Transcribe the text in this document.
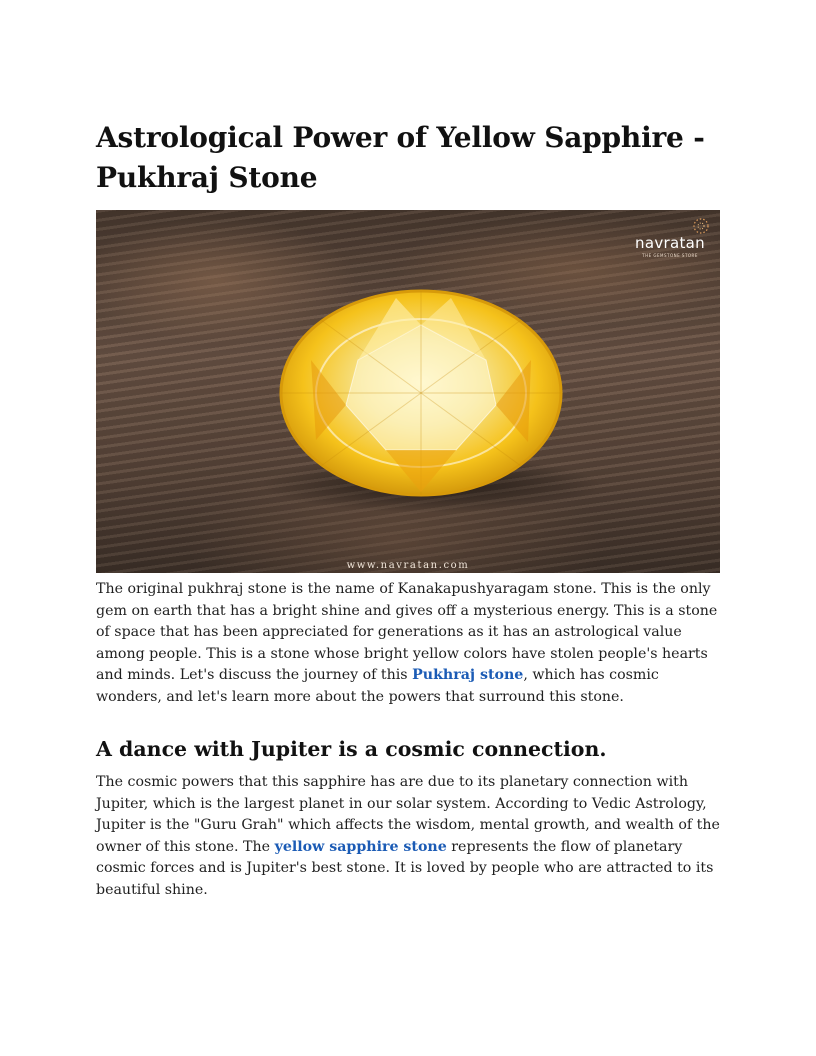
Astrological Power of Yellow Sapphire - Pukhraj Stone
navratan
THE GEMSTONE STORE
www.navratan.com

The original pukhraj stone is the name of Kanakapushyaragam stone. This is the only gem on earth that has a bright shine and gives off a mysterious energy. This is a stone of space that has been appreciated for generations as it has an astrological value among people. This is a stone whose bright yellow colors have stolen people's hearts and minds. Let's discuss the journey of this Pukhraj stone, which has cosmic wonders, and let's learn more about the powers that surround this stone.

A dance with Jupiter is a cosmic connection.

The cosmic powers that this sapphire has are due to its planetary connection with Jupiter, which is the largest planet in our solar system. According to Vedic Astrology, Jupiter is the "Guru Grah" which affects the wisdom, mental growth, and wealth of the owner of this stone. The yellow sapphire stone represents the flow of planetary cosmic forces and is Jupiter's best stone. It is loved by people who are attracted to its beautiful shine.
